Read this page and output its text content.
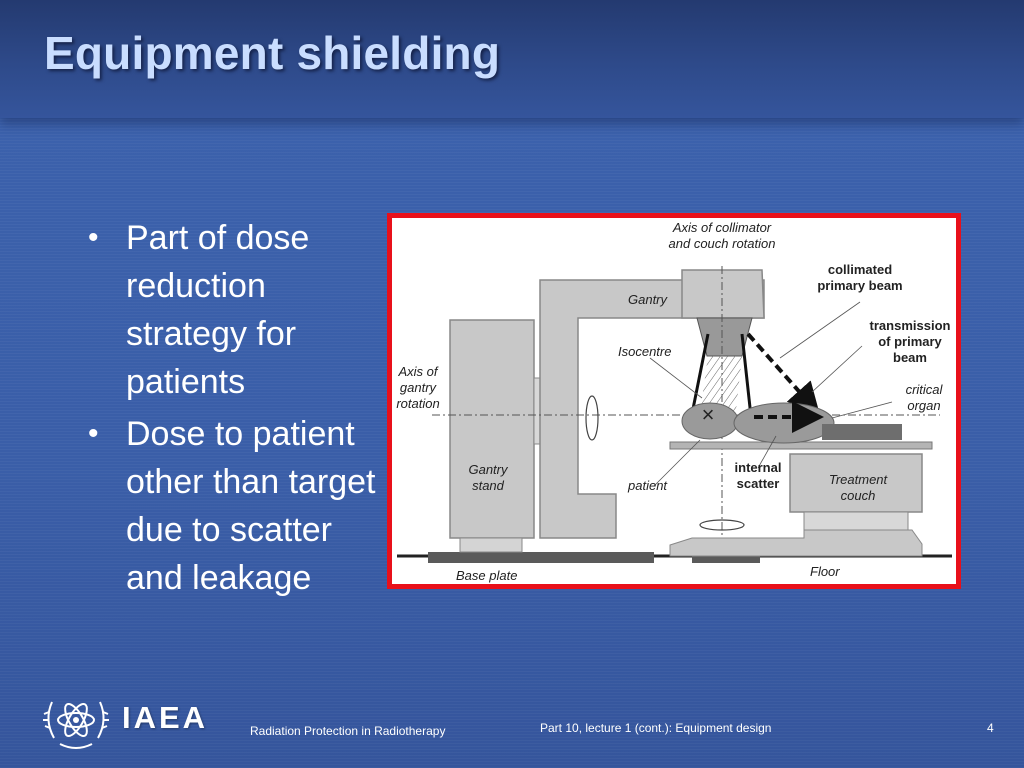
Equipment shielding
• Part of dose reduction strategy for patients
• Dose to patient other than target due to scatter and leakage
×
Axis of collimator
and couch rotation
Gantry
Isocentre
Axis of
gantry
rotation
critical
organ
Gantry
stand	patient	Treatment
couch
Base plate	Floor
collimated
primary beam
transmission
of primary
beam
internal
scatter
IAEA	Radiation Protection in Radiotherapy	Part 10, lecture 1 (cont.): Equipment design	4
